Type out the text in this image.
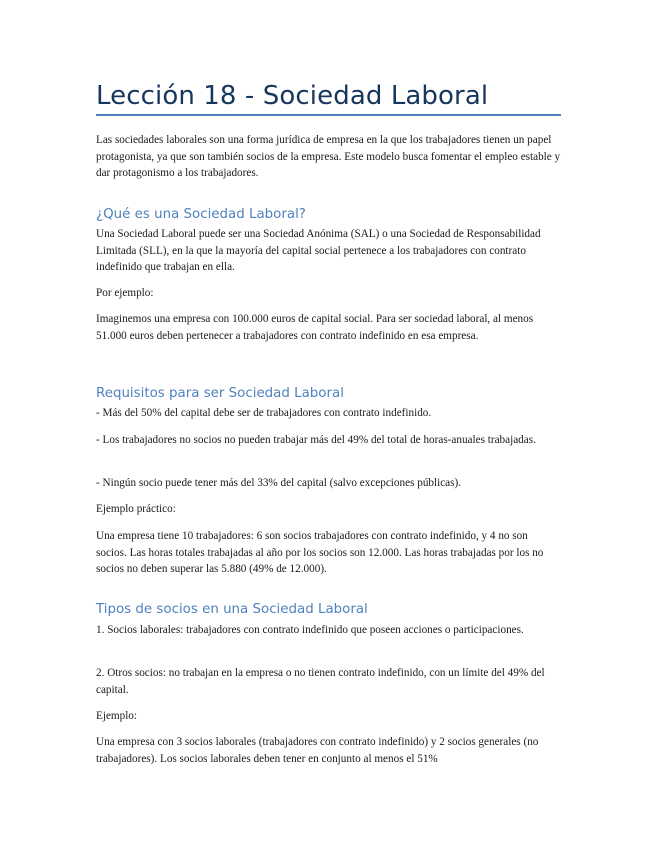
Lección 18 - Sociedad Laboral

Las sociedades laborales son una forma jurídica de empresa en la que los trabajadores tienen un papel protagonista, ya que son también socios de la empresa. Este modelo busca fomentar el empleo estable y dar protagonismo a los trabajadores.

¿Qué es una Sociedad Laboral?

Una Sociedad Laboral puede ser una Sociedad Anónima (SAL) o una Sociedad de Responsabilidad Limitada (SLL), en la que la mayoría del capital social pertenece a los trabajadores con contrato indefinido que trabajan en ella.

Por ejemplo:

Imaginemos una empresa con 100.000 euros de capital social. Para ser sociedad laboral, al menos 51.000 euros deben pertenecer a trabajadores con contrato indefinido en esa empresa.

Requisitos para ser Sociedad Laboral

- Más del 50% del capital debe ser de trabajadores con contrato indefinido.

- Los trabajadores no socios no pueden trabajar más del 49% del total de horas-anuales trabajadas.

- Ningún socio puede tener más del 33% del capital (salvo excepciones públicas).

Ejemplo práctico:

Una empresa tiene 10 trabajadores: 6 son socios trabajadores con contrato indefinido, y 4 no son socios. Las horas totales trabajadas al año por los socios son 12.000. Las horas trabajadas por los no socios no deben superar las 5.880 (49% de 12.000).

Tipos de socios en una Sociedad Laboral

1. Socios laborales: trabajadores con contrato indefinido que poseen acciones o participaciones.

2. Otros socios: no trabajan en la empresa o no tienen contrato indefinido, con un límite del 49% del capital.

Ejemplo:

Una empresa con 3 socios laborales (trabajadores con contrato indefinido) y 2 socios generales (no trabajadores). Los socios laborales deben tener en conjunto al menos el 51%
